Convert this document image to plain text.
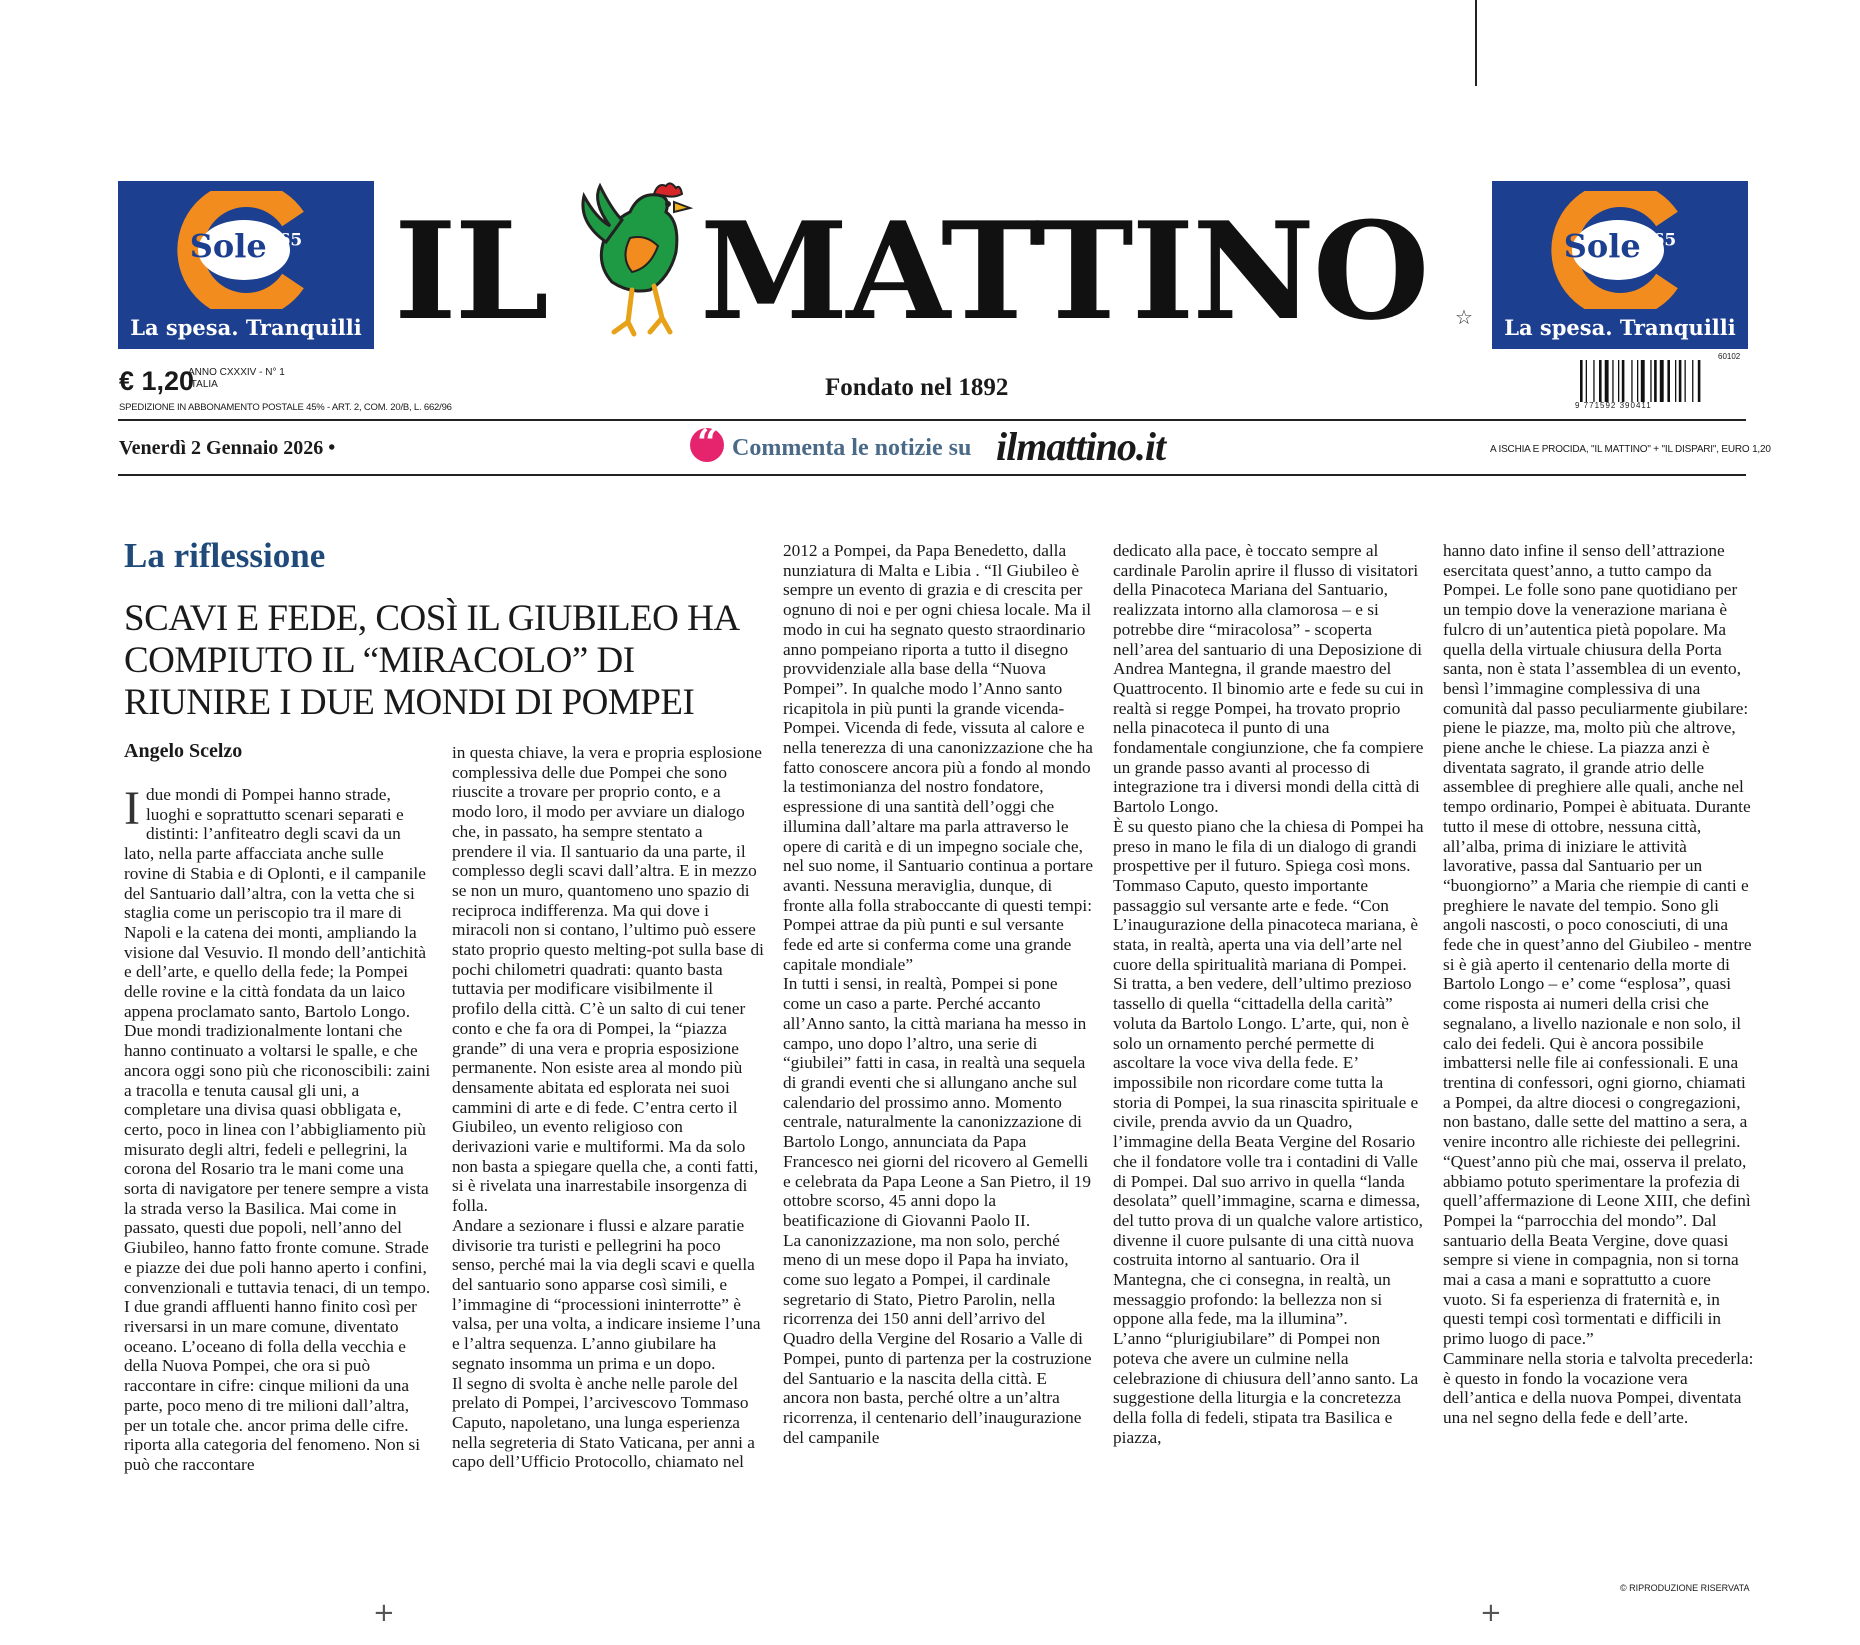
Sole$^{365}$
La spesa. Tranquilli
Sole$^{365}$
La spesa. Tranquilli
IL MATTINO ☆
€ 1,20
ANNO CXXXIV - N° 1
ITALIA
SPEDIZIONE IN ABBONAMENTO POSTALE 45% - ART. 2, COM. 20/B, L. 662/96
Fondato nel 1892
60102
9 771592 390411
Venerdì 2 Gennaio 2026 •
“	Commenta le notizie su ilmattino.it	A ISCHIA E PROCIDA, "IL MATTINO" + "IL DISPARI", EURO 1,20
La riflessione
SCAVI E FEDE, COSÌ IL GIUBILEO HA COMPIUTO IL “MIRACOLO” DI RIUNIRE I DUE MONDI DI POMPEI
Angelo Scelzo

Idue mondi di Pompei hanno strade, luoghi e soprattutto scenari separati e distinti: l’anfiteatro degli scavi da un lato, nella parte affacciata anche sulle rovine di Stabia e di Oplonti, e il campanile del Santuario dall’altra, con la vetta che si staglia come un periscopio tra il mare di Napoli e la catena dei monti, ampliando la visione dal Vesuvio. Il mondo dell’antichità e dell’arte, e quello della fede; la Pompei delle rovine e la città fondata da un laico appena proclamato santo, Bartolo Longo. Due mondi tradizionalmente lontani che hanno continuato a voltarsi le spalle, e che ancora oggi sono più che riconoscibili: zaini a tracolla e tenuta causal gli uni, a completare una divisa quasi obbligata e, certo, poco in linea con l’abbigliamento più misurato degli altri, fedeli e pellegrini, la corona del Rosario tra le mani come una sorta di navigatore per tenere sempre a vista la strada verso la Basilica. Mai come in passato, questi due popoli, nell’anno del Giubileo, hanno fatto fronte comune. Strade e piazze dei due poli hanno aperto i confini, convenzionali e tuttavia tenaci, di un tempo. I due grandi affluenti hanno finito così per riversarsi in un mare comune, diventato oceano. L’oceano di folla della vecchia e della Nuova Pompei, che ora si può raccontare in cifre: cinque milioni da una parte, poco meno di tre milioni dall’altra, per un totale che. ancor prima delle cifre. riporta alla categoria del fenomeno. Non si può che raccontare

in questa chiave, la vera e propria esplosione complessiva delle due Pompei che sono riuscite a trovare per proprio conto, e a modo loro, il modo per avviare un dialogo che, in passato, ha sempre stentato a prendere il via. Il santuario da una parte, il complesso degli scavi dall’altra. E in mezzo se non un muro, quantomeno uno spazio di reciproca indifferenza. Ma qui dove i miracoli non si contano, l’ultimo può essere stato proprio questo melting-pot sulla base di pochi chilometri quadrati: quanto basta tuttavia per modificare visibilmente il profilo della città. C’è un salto di cui tener conto e che fa ora di Pompei, la “piazza grande” di una vera e propria esposizione permanente. Non esiste area al mondo più densamente abitata ed esplorata nei suoi cammini di arte e di fede. C’entra certo il Giubileo, un evento religioso con derivazioni varie e multiformi. Ma da solo non basta a spiegare quella che, a conti fatti, si è rivelata una inarrestabile insorgenza di folla.

Andare a sezionare i flussi e alzare paratie divisorie tra turisti e pellegrini ha poco senso, perché mai la via degli scavi e quella del santuario sono apparse così simili, e l’immagine di “processioni ininterrotte” è valsa, per una volta, a indicare insieme l’una e l’altra sequenza. L’anno giubilare ha segnato insomma un prima e un dopo.

Il segno di svolta è anche nelle parole del prelato di Pompei, l’arcivescovo Tommaso Caputo, napoletano, una lunga esperienza nella segreteria di Stato Vaticana, per anni a capo dell’Ufficio Protocollo, chiamato nel

2012 a Pompei, da Papa Benedetto, dalla nunziatura di Malta e Libia . “Il Giubileo è sempre un evento di grazia e di crescita per ognuno di noi e per ogni chiesa locale. Ma il modo in cui ha segnato questo straordinario anno pompeiano riporta a tutto il disegno provvidenziale alla base della “Nuova Pompei”. In qualche modo l’Anno santo ricapitola in più punti la grande vicenda- Pompei. Vicenda di fede, vissuta al calore e nella tenerezza di una canonizzazione che ha fatto conoscere ancora più a fondo al mondo la testimonianza del nostro fondatore, espressione di una santità dell’oggi che illumina dall’altare ma parla attraverso le opere di carità e di un impegno sociale che, nel suo nome, il Santuario continua a portare avanti. Nessuna meraviglia, dunque, di fronte alla folla straboccante di questi tempi: Pompei attrae da più punti e sul versante fede ed arte si conferma come una grande capitale mondiale”

In tutti i sensi, in realtà, Pompei si pone come un caso a parte. Perché accanto all’Anno santo, la città mariana ha messo in campo, uno dopo l’altro, una serie di “giubilei” fatti in casa, in realtà una sequela di grandi eventi che si allungano anche sul calendario del prossimo anno. Momento centrale, naturalmente la canonizzazione di Bartolo Longo, annunciata da Papa Francesco nei giorni del ricovero al Gemelli e celebrata da Papa Leone a San Pietro, il 19 ottobre scorso, 45 anni dopo la beatificazione di Giovanni Paolo II.

La canonizzazione, ma non solo, perché meno di un mese dopo il Papa ha inviato, come suo legato a Pompei, il cardinale segretario di Stato, Pietro Parolin, nella ricorrenza dei 150 anni dell’arrivo del Quadro della Vergine del Rosario a Valle di Pompei, punto di partenza per la costruzione del Santuario e la nascita della città. E ancora non basta, perché oltre a un’altra ricorrenza, il centenario dell’inaugurazione del campanile

dedicato alla pace, è toccato sempre al cardinale Parolin aprire il flusso di visitatori della Pinacoteca Mariana del Santuario, realizzata intorno alla clamorosa – e si potrebbe dire “miracolosa” - scoperta nell’area del santuario di una Deposizione di Andrea Mantegna, il grande maestro del Quattrocento. Il binomio arte e fede su cui in realtà si regge Pompei, ha trovato proprio nella pinacoteca il punto di una fondamentale congiunzione, che fa compiere un grande passo avanti al processo di integrazione tra i diversi mondi della città di Bartolo Longo.

È su questo piano che la chiesa di Pompei ha preso in mano le fila di un dialogo di grandi prospettive per il futuro. Spiega così mons. Tommaso Caputo, questo importante passaggio sul versante arte e fede. “Con L’inaugurazione della pinacoteca mariana, è stata, in realtà, aperta una via dell’arte nel cuore della spiritualità mariana di Pompei. Si tratta, a ben vedere, dell’ultimo prezioso tassello di quella “cittadella della carità” voluta da Bartolo Longo. L’arte, qui, non è solo un ornamento perché permette di ascoltare la voce viva della fede. E’ impossibile non ricordare come tutta la storia di Pompei, la sua rinascita spirituale e civile, prenda avvio da un Quadro, l’immagine della Beata Vergine del Rosario che il fondatore volle tra i contadini di Valle di Pompei. Dal suo arrivo in quella “landa desolata” quell’immagine, scarna e dimessa, del tutto prova di un qualche valore artistico, divenne il cuore pulsante di una città nuova costruita intorno al santuario. Ora il Mantegna, che ci consegna, in realtà, un messaggio profondo: la bellezza non si oppone alla fede, ma la illumina”.

L’anno “plurigiubilare” di Pompei non poteva che avere un culmine nella celebrazione di chiusura dell’anno santo. La suggestione della liturgia e la concretezza della folla di fedeli, stipata tra Basilica e piazza,

hanno dato infine il senso dell’attrazione esercitata quest’anno, a tutto campo da Pompei. Le folle sono pane quotidiano per un tempio dove la venerazione mariana è fulcro di un’autentica pietà popolare. Ma quella della virtuale chiusura della Porta santa, non è stata l’assemblea di un evento, bensì l’immagine complessiva di una comunità dal passo peculiarmente giubilare: piene le piazze, ma, molto più che altrove, piene anche le chiese. La piazza anzi è diventata sagrato, il grande atrio delle assemblee di preghiere alle quali, anche nel tempo ordinario, Pompei è abituata. Durante tutto il mese di ottobre, nessuna città, all’alba, prima di iniziare le attività lavorative, passa dal Santuario per un “buongiorno” a Maria che riempie di canti e preghiere le navate del tempio. Sono gli angoli nascosti, o poco conosciuti, di una fede che in quest’anno del Giubileo - mentre si è già aperto il centenario della morte di Bartolo Longo – e’ come “esplosa”, quasi come risposta ai numeri della crisi che segnalano, a livello nazionale e non solo, il calo dei fedeli. Qui è ancora possibile imbattersi nelle file ai confessionali. E una trentina di confessori, ogni giorno, chiamati a Pompei, da altre diocesi o congregazioni, non bastano, dalle sette del mattino a sera, a venire incontro alle richieste dei pellegrini. “Quest’anno più che mai, osserva il prelato, abbiamo potuto sperimentare la profezia di quell’affermazione di Leone XIII, che definì Pompei la “parrocchia del mondo”. Dal santuario della Beata Vergine, dove quasi sempre si viene in compagnia, non si torna mai a casa a mani e soprattutto a cuore vuoto. Si fa esperienza di fraternità e, in questi tempi così tormentati e difficili in primo luogo di pace.”

Camminare nella storia e talvolta precederla: è questo in fondo la vocazione vera dell’antica e della nuova Pompei, diventata una nel segno della fede e dell’arte.

© RIPRODUZIONE RISERVATA
+	+
